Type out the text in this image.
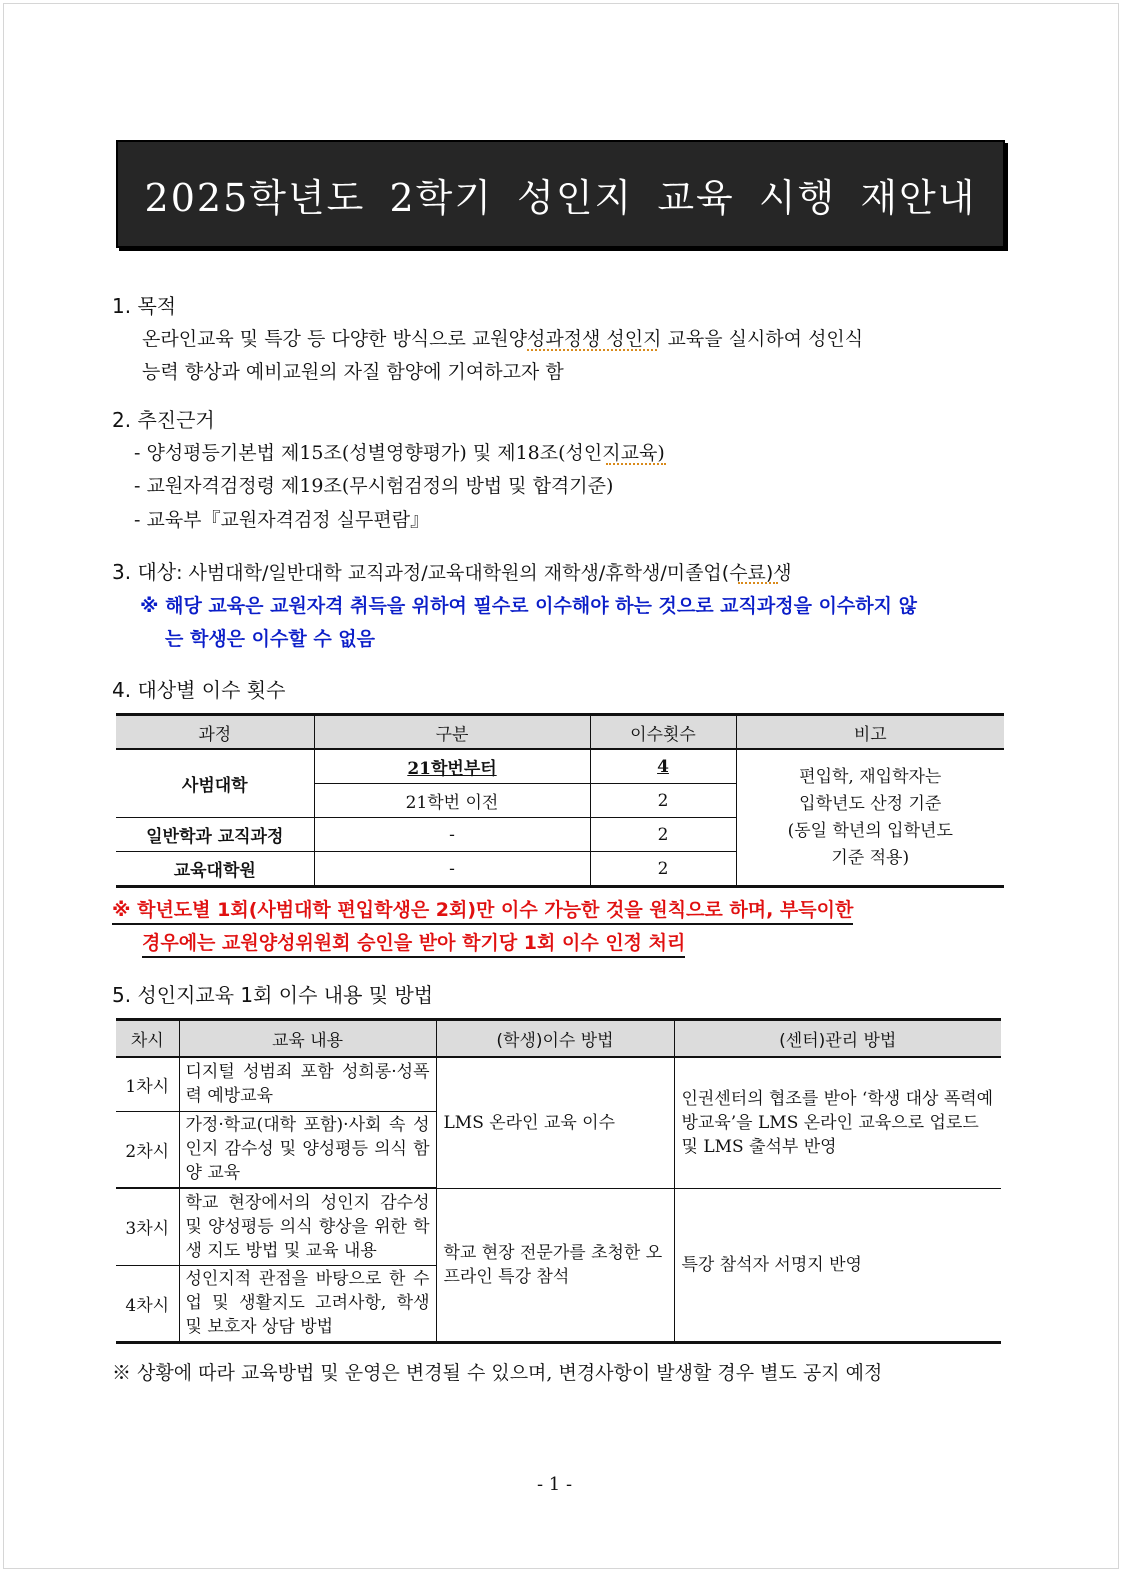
2025학년도 2학기 성인지 교육 시행 재안내
1. 목적
온라인교육 및 특강 등 다양한 방식으로 교원양성과정생 성인지 교육을 실시하여 성인식
능력 향상과 예비교원의 자질 함양에 기여하고자 함
2. 추진근거
- 양성평등기본법 제15조(성별영향평가) 및 제18조(성인지교육)
- 교원자격검정령 제19조(무시험검정의 방법 및 합격기준)
- 교육부『교원자격검정 실무편람』
3. 대상: 사범대학/일반대학 교직과정/교육대학원의 재학생/휴학생/미졸업(수료)생
※ 해당 교육은 교원자격 취득을 위하여 필수로 이수해야 하는 것으로 교직과정을 이수하지 않
는 학생은 이수할 수 없음
4. 대상별 이수 횟수
과정	구분	이수횟수	비고
사범대학	21학번부터	4	편입학, 재입학자는
입학년도 산정 기준
(동일 학년의 입학년도
기준 적용)

	21학번 이전	2	
일반학과 교직과정	-	2	
교육대학원	-	2	
※ 학년도별 1회(사범대학 편입학생은 2회)만 이수 가능한 것을 원칙으로 하며, 부득이한
경우에는 교원양성위원회 승인을 받아 학기당 1회 이수 인정 처리
5. 성인지교육 1회 이수 내용 및 방법
차시	교육 내용	(학생)이수 방법	(센터)관리 방법
1차시	디지털 성범죄 포함 성희롱·성폭력 예방교육	LMS 온라인 교육 이수	인권센터의 협조를 받아 ‘학생 대상 폭력예방교육’을 LMS 온라인 교육으로 업로드 및 LMS 출석부 반영
2차시	가정·학교(대학 포함)·사회 속 성인지 감수성 및 양성평등 의식 함양 교육		
3차시	학교 현장에서의 성인지 감수성 및 양성평등 의식 향상을 위한 학생 지도 방법 및 교육 내용	학교 현장 전문가를 초청한 오프라인 특강 참석	특강 참석자 서명지 반영
4차시	성인지적 관점을 바탕으로 한 수업 및 생활지도 고려사항, 학생 및 보호자 상담 방법		
※ 상황에 따라 교육방법 및 운영은 변경될 수 있으며, 변경사항이 발생할 경우 별도 공지 예정
- 1 -
